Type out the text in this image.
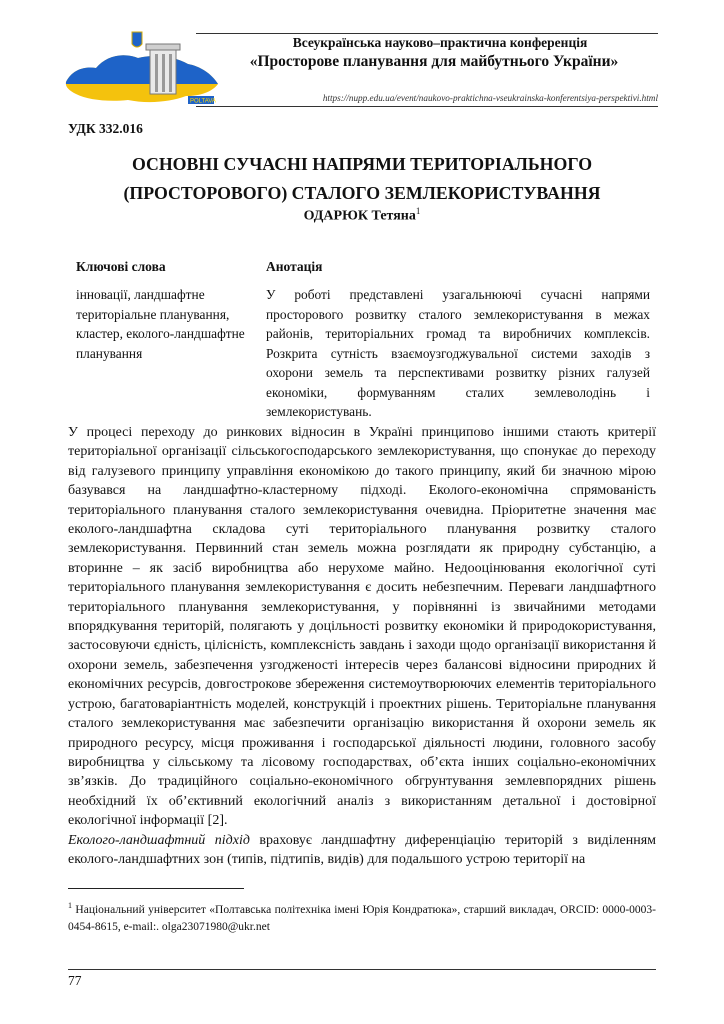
POLTAVA
Всеукраїнська науково–практична конференція
«Просторове планування для майбутнього України»
https://nupp.edu.ua/event/naukovo-praktichna-vseukrainska-konferentsiya-perspektivi.html
УДК 332.016
ОСНОВНІ СУЧАСНІ НАПРЯМИ ТЕРИТОРІАЛЬНОГО
(ПРОСТОРОВОГО) СТАЛОГО ЗЕМЛЕКОРИСТУВАННЯ
ОДАРЮК Тетяна$^1$
Ключові слова	Анотація
інновації, ландшафтне територіальне планування, кластер, еколого-ландшафтне планування
У роботі представлені узагальнюючі сучасні напрями просторового розвитку сталого землекористування в межах районів, територіальних громад та виробничих комплексів. Розкрита сутність взаємоузгоджувальної системи заходів з охорони земель та перспективами розвитку різних галузей економіки, формуванням сталих землеволодінь і землекористувань.

У процесі переходу до ринкових відносин в Україні принципово іншими стають критерії територіальної організації сільськогосподарського землекористування, що спонукає до переходу від галузевого принципу управління економікою до такого принципу, який би значною мірою базувався на ландшафтно-кластерному підході. Еколого-економічна спрямованість територіального планування сталого землекористування очевидна. Пріоритетне значення має еколого-ландшафтна складова суті територіального планування розвитку сталого землекористування. Первинний стан земель можна розглядати як природну субстанцію, а вторинне – як засіб виробництва або нерухоме майно. Недооцінювання екологічної суті територіального планування землекористування є досить небезпечним. Переваги ландшафтного територіального планування землекористування, у порівнянні із звичайними методами впорядкування територій, полягають у доцільності розвитку економіки й природокористування, застосовуючи єдність, цілісність, комплексність завдань і заходи щодо організації використання й охорони земель, забезпечення узгодженості інтересів через балансові відносини природних й економічних ресурсів, довгострокове збереження системоутворюючих елементів територіального устрою, багатоваріантність моделей, конструкцій і проектних рішень. Територіальне планування сталого землекористування має забезпечити організацію використання й охорони земель як природного ресурсу, місця проживання і господарської діяльності людини, головного засобу виробництва у сільському та лісовому господарствах, об’єкта інших соціально-економічних зв’язків. До традиційного соціально-економічного обгрунтування землевпорядних рішень необхідний їх об’єктивний екологічний аналіз з використанням детальної і достовірної екологічної інформації [2].

Еколого-ландшафтний підхід враховує ландшафтну диференціацію територій з виділенням еколого-ландшафтних зон (типів, підтипів, видів) для подальшого устрою території на

$^1$ Національний університет «Полтавська політехніка імені Юрія Кондратюка», старший викладач, ORCID: 0000-0003-0454-8615, e-mail:. olga23071980@ukr.net
77
